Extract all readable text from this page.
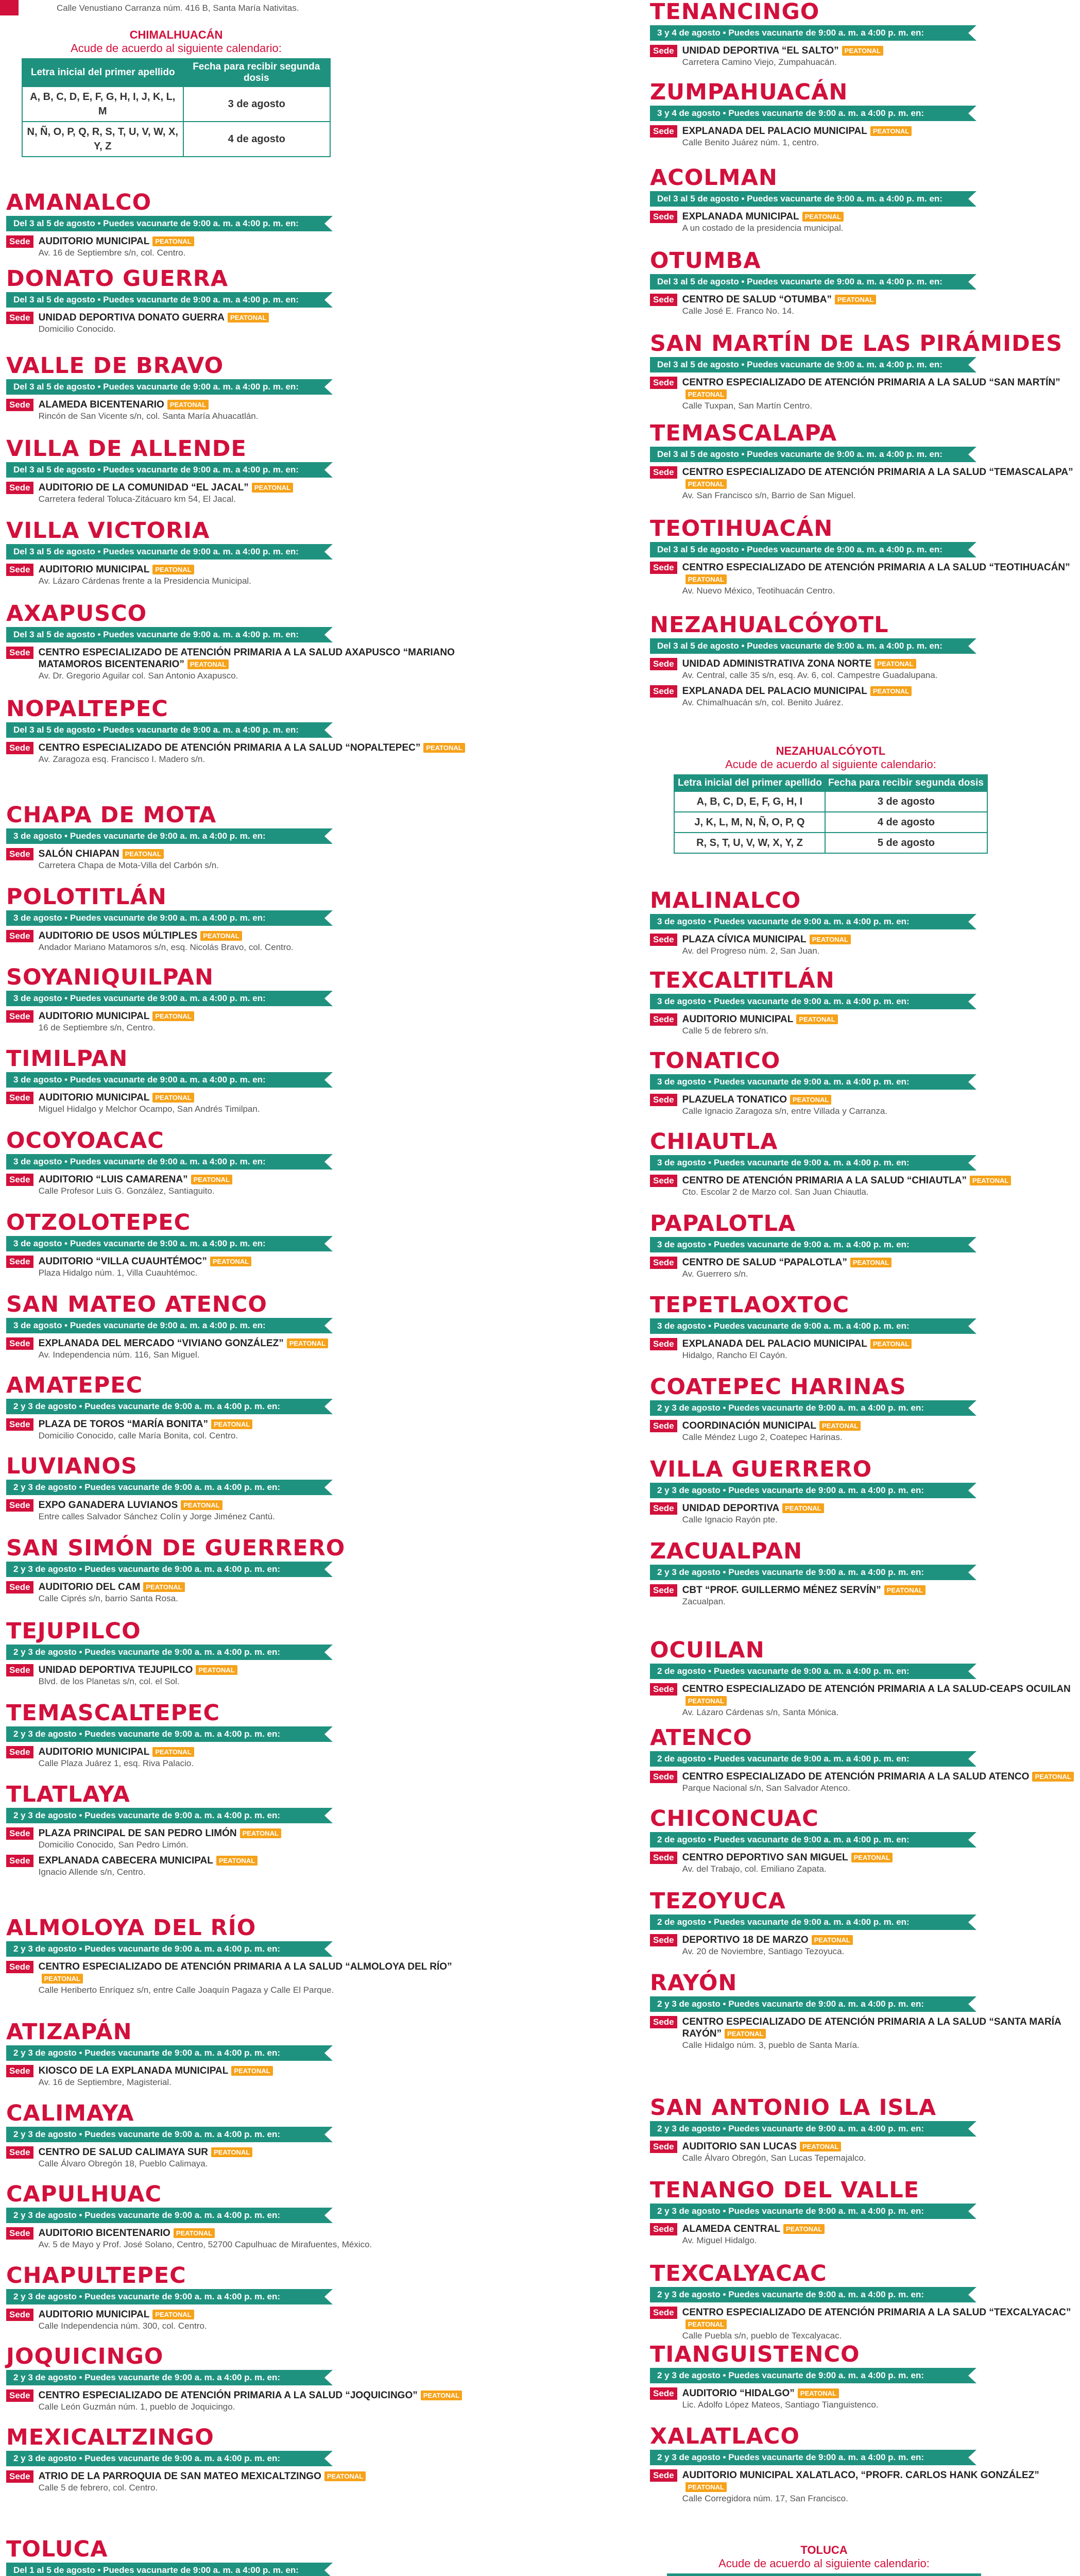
Calle Venustiano Carranza núm. 416 B, Santa María Nativitas.
AMANALCO
Del 3 al 5 de agosto • Puedes vacunarte de 9:00 a. m. a 4:00 p. m. en:
Sede AUDITORIO MUNICIPAL PEATONAL
Av. 16 de Septiembre s/n, col. Centro.
DONATO GUERRA
Del 3 al 5 de agosto • Puedes vacunarte de 9:00 a. m. a 4:00 p. m. en:
Sede UNIDAD DEPORTIVA DONATO GUERRA PEATONAL
Domicilio Conocido.
VALLE DE BRAVO
Del 3 al 5 de agosto • Puedes vacunarte de 9:00 a. m. a 4:00 p. m. en:
Sede ALAMEDA BICENTENARIO PEATONAL
Rincón de San Vicente s/n, col. Santa María Ahuacatlán.
VILLA DE ALLENDE
Del 3 al 5 de agosto • Puedes vacunarte de 9:00 a. m. a 4:00 p. m. en:
Sede AUDITORIO DE LA COMUNIDAD “EL JACAL” PEATONAL
Carretera federal Toluca-Zitácuaro km 54, El Jacal.
VILLA VICTORIA
Del 3 al 5 de agosto • Puedes vacunarte de 9:00 a. m. a 4:00 p. m. en:
Sede AUDITORIO MUNICIPAL PEATONAL
Av. Lázaro Cárdenas frente a la Presidencia Municipal.
AXAPUSCO
Del 3 al 5 de agosto • Puedes vacunarte de 9:00 a. m. a 4:00 p. m. en:
Sede CENTRO ESPECIALIZADO DE ATENCIÓN PRIMARIA A LA SALUD AXAPUSCO “MARIANO MATAMOROS BICENTENARIO” PEATONAL
Av. Dr. Gregorio Aguilar col. San Antonio Axapusco.
NOPALTEPEC
Del 3 al 5 de agosto • Puedes vacunarte de 9:00 a. m. a 4:00 p. m. en:
Sede CENTRO ESPECIALIZADO DE ATENCIÓN PRIMARIA A LA SALUD “NOPALTEPEC” PEATONAL
Av. Zaragoza esq. Francisco I. Madero s/n.
CHAPA DE MOTA
3 de agosto • Puedes vacunarte de 9:00 a. m. a 4:00 p. m. en:
Sede SALÓN CHIAPAN PEATONAL
Carretera Chapa de Mota-Villa del Carbón s/n.
POLOTITLÁN
3 de agosto • Puedes vacunarte de 9:00 a. m. a 4:00 p. m. en:
Sede AUDITORIO DE USOS MÚLTIPLES PEATONAL
Andador Mariano Matamoros s/n, esq. Nicolás Bravo, col. Centro.
SOYANIQUILPAN
3 de agosto • Puedes vacunarte de 9:00 a. m. a 4:00 p. m. en:
Sede AUDITORIO MUNICIPAL PEATONAL
16 de Septiembre s/n, Centro.
TIMILPAN
3 de agosto • Puedes vacunarte de 9:00 a. m. a 4:00 p. m. en:
Sede AUDITORIO MUNICIPAL PEATONAL
Miguel Hidalgo y Melchor Ocampo, San Andrés Timilpan.
OCOYOACAC
3 de agosto • Puedes vacunarte de 9:00 a. m. a 4:00 p. m. en:
Sede AUDITORIO “LUIS CAMARENA” PEATONAL
Calle Profesor Luis G. González, Santiaguito.
OTZOLOTEPEC
3 de agosto • Puedes vacunarte de 9:00 a. m. a 4:00 p. m. en:
Sede AUDITORIO “VILLA CUAUHTÉMOC” PEATONAL
Plaza Hidalgo núm. 1, Villa Cuauhtémoc.
SAN MATEO ATENCO
3 de agosto • Puedes vacunarte de 9:00 a. m. a 4:00 p. m. en:
Sede EXPLANADA DEL MERCADO “VIVIANO GONZÁLEZ” PEATONAL
Av. Independencia núm. 116, San Miguel.
AMATEPEC
2 y 3 de agosto • Puedes vacunarte de 9:00 a. m. a 4:00 p. m. en:
Sede PLAZA DE TOROS “MARÍA BONITA” PEATONAL
Domicilio Conocido, calle María Bonita, col. Centro.
LUVIANOS
2 y 3 de agosto • Puedes vacunarte de 9:00 a. m. a 4:00 p. m. en:
Sede EXPO GANADERA LUVIANOS PEATONAL
Entre calles Salvador Sánchez Colín y Jorge Jiménez Cantú.
SAN SIMÓN DE GUERRERO
2 y 3 de agosto • Puedes vacunarte de 9:00 a. m. a 4:00 p. m. en:
Sede AUDITORIO DEL CAM PEATONAL
Calle Ciprés s/n, barrio Santa Rosa.
TEJUPILCO
2 y 3 de agosto • Puedes vacunarte de 9:00 a. m. a 4:00 p. m. en:
Sede UNIDAD DEPORTIVA TEJUPILCO PEATONAL
Blvd. de los Planetas s/n, col. el Sol.
TEMASCALTEPEC
2 y 3 de agosto • Puedes vacunarte de 9:00 a. m. a 4:00 p. m. en:
Sede AUDITORIO MUNICIPAL PEATONAL
Calle Plaza Juárez 1, esq. Riva Palacio.
TLATLAYA
2 y 3 de agosto • Puedes vacunarte de 9:00 a. m. a 4:00 p. m. en:
Sede PLAZA PRINCIPAL DE SAN PEDRO LIMÓN PEATONAL
Domicilio Conocido, San Pedro Limón.
Sede EXPLANADA CABECERA MUNICIPAL PEATONAL
Ignacio Allende s/n, Centro.
ALMOLOYA DEL RÍO
2 y 3 de agosto • Puedes vacunarte de 9:00 a. m. a 4:00 p. m. en:
Sede CENTRO ESPECIALIZADO DE ATENCIÓN PRIMARIA A LA SALUD “ALMOLOYA DEL RÍO”PEATONAL
Calle Heriberto Enríquez s/n, entre Calle Joaquín Pagaza y Calle El Parque.
ATIZAPÁN
2 y 3 de agosto • Puedes vacunarte de 9:00 a. m. a 4:00 p. m. en:
Sede KIOSCO DE LA EXPLANADA MUNICIPAL PEATONAL
Av. 16 de Septiembre, Magisterial.
CALIMAYA
2 y 3 de agosto • Puedes vacunarte de 9:00 a. m. a 4:00 p. m. en:
Sede CENTRO DE SALUD CALIMAYA SUR PEATONAL
Calle Álvaro Obregón 18, Pueblo Calimaya.
CAPULHUAC
2 y 3 de agosto • Puedes vacunarte de 9:00 a. m. a 4:00 p. m. en:
Sede AUDITORIO BICENTENARIO PEATONAL
Av. 5 de Mayo y Prof. José Solano, Centro, 52700 Capulhuac de Mirafuentes, México.
CHAPULTEPEC
2 y 3 de agosto • Puedes vacunarte de 9:00 a. m. a 4:00 p. m. en:
Sede AUDITORIO MUNICIPAL PEATONAL
Calle Independencia núm. 300, col. Centro.
JOQUICINGO
2 y 3 de agosto • Puedes vacunarte de 9:00 a. m. a 4:00 p. m. en:
Sede CENTRO ESPECIALIZADO DE ATENCIÓN PRIMARIA A LA SALUD “JOQUICINGO” PEATONAL
Calle León Guzmán núm. 1, pueblo de Joquicingo.
MEXICALTZINGO
2 y 3 de agosto • Puedes vacunarte de 9:00 a. m. a 4:00 p. m. en:
Sede ATRIO DE LA PARROQUIA DE SAN MATEO MEXICALTZINGO PEATONAL
Calle 5 de febrero, col. Centro.
TOLUCA
Del 1 al 5 de agosto • Puedes vacunarte de 9:00 a. m. a 4:00 p. m. en:
TENANCINGO
3 y 4 de agosto • Puedes vacunarte de 9:00 a. m. a 4:00 p. m. en:
Sede UNIDAD DEPORTIVA “EL SALTO” PEATONAL
Carretera Camino Viejo, Zumpahuacán.
ZUMPAHUACÁN
3 y 4 de agosto • Puedes vacunarte de 9:00 a. m. a 4:00 p. m. en:
Sede EXPLANADA DEL PALACIO MUNICIPAL PEATONAL
Calle Benito Juárez núm. 1, centro.
ACOLMAN
Del 3 al 5 de agosto • Puedes vacunarte de 9:00 a. m. a 4:00 p. m. en:
Sede EXPLANADA MUNICIPAL PEATONAL
A un costado de la presidencia municipal.
OTUMBA
Del 3 al 5 de agosto • Puedes vacunarte de 9:00 a. m. a 4:00 p. m. en:
Sede CENTRO DE SALUD “OTUMBA” PEATONAL
Calle José E. Franco No. 14.
SAN MARTÍN DE LAS PIRÁMIDES
Del 3 al 5 de agosto • Puedes vacunarte de 9:00 a. m. a 4:00 p. m. en:
Sede CENTRO ESPECIALIZADO DE ATENCIÓN PRIMARIA A LA SALUD “SAN MARTÍN”PEATONAL
Calle Tuxpan, San Martín Centro.
TEMASCALAPA
Del 3 al 5 de agosto • Puedes vacunarte de 9:00 a. m. a 4:00 p. m. en:
Sede CENTRO ESPECIALIZADO DE ATENCIÓN PRIMARIA A LA SALUD “TEMASCALAPA”PEATONAL
Av. San Francisco s/n, Barrio de San Miguel.
TEOTIHUACÁN
Del 3 al 5 de agosto • Puedes vacunarte de 9:00 a. m. a 4:00 p. m. en:
Sede CENTRO ESPECIALIZADO DE ATENCIÓN PRIMARIA A LA SALUD “TEOTIHUACÁN”PEATONAL
Av. Nuevo México, Teotihuacán Centro.
NEZAHUALCÓYOTL
Del 3 al 5 de agosto • Puedes vacunarte de 9:00 a. m. a 4:00 p. m. en:
Sede UNIDAD ADMINISTRATIVA ZONA NORTE PEATONAL
Av. Central, calle 35 s/n, esq. Av. 6, col. Campestre Guadalupana.
Sede EXPLANADA DEL PALACIO MUNICIPAL PEATONAL
Av. Chimalhuacán s/n, col. Benito Juárez.
MALINALCO
3 de agosto • Puedes vacunarte de 9:00 a. m. a 4:00 p. m. en:
Sede PLAZA CÍVICA MUNICIPAL PEATONAL
Av. del Progreso núm. 2, San Juan.
TEXCALTITLÁN
3 de agosto • Puedes vacunarte de 9:00 a. m. a 4:00 p. m. en:
Sede AUDITORIO MUNICIPAL PEATONAL
Calle 5 de febrero s/n.
TONATICO
3 de agosto • Puedes vacunarte de 9:00 a. m. a 4:00 p. m. en:
Sede PLAZUELA TONATICO PEATONAL
Calle Ignacio Zaragoza s/n, entre Villada y Carranza.
CHIAUTLA
3 de agosto • Puedes vacunarte de 9:00 a. m. a 4:00 p. m. en:
Sede CENTRO DE ATENCIÓN PRIMARIA A LA SALUD “CHIAUTLA” PEATONAL
Cto. Escolar 2 de Marzo col. San Juan Chiautla.
PAPALOTLA
3 de agosto • Puedes vacunarte de 9:00 a. m. a 4:00 p. m. en:
Sede CENTRO DE SALUD “PAPALOTLA” PEATONAL
Av. Guerrero s/n.
TEPETLAOXTOC
3 de agosto • Puedes vacunarte de 9:00 a. m. a 4:00 p. m. en:
Sede EXPLANADA DEL PALACIO MUNICIPAL PEATONAL
Hidalgo, Rancho El Cayón.
COATEPEC HARINAS
2 y 3 de agosto • Puedes vacunarte de 9:00 a. m. a 4:00 p. m. en:
Sede COORDINACIÓN MUNICIPAL PEATONAL
Calle Méndez Lugo 2, Coatepec Harinas.
VILLA GUERRERO
2 y 3 de agosto • Puedes vacunarte de 9:00 a. m. a 4:00 p. m. en:
Sede UNIDAD DEPORTIVA PEATONAL
Calle Ignacio Rayón pte.
ZACUALPAN
2 y 3 de agosto • Puedes vacunarte de 9:00 a. m. a 4:00 p. m. en:
Sede CBT “PROF. GUILLERMO MÉNEZ SERVÍN” PEATONAL
Zacualpan.
OCUILAN
2 de agosto • Puedes vacunarte de 9:00 a. m. a 4:00 p. m. en:
Sede CENTRO ESPECIALIZADO DE ATENCIÓN PRIMARIA A LA SALUD-CEAPS OCUILANPEATONAL
Av. Lázaro Cárdenas s/n, Santa Mónica.
ATENCO
2 de agosto • Puedes vacunarte de 9:00 a. m. a 4:00 p. m. en:
Sede CENTRO ESPECIALIZADO DE ATENCIÓN PRIMARIA A LA SALUD ATENCO PEATONAL
Parque Nacional s/n, San Salvador Atenco.
CHICONCUAC
2 de agosto • Puedes vacunarte de 9:00 a. m. a 4:00 p. m. en:
Sede CENTRO DEPORTIVO SAN MIGUEL PEATONAL
Av. del Trabajo, col. Emiliano Zapata.
TEZOYUCA
2 de agosto • Puedes vacunarte de 9:00 a. m. a 4:00 p. m. en:
Sede DEPORTIVO 18 DE MARZO PEATONAL
Av. 20 de Noviembre, Santiago Tezoyuca.
RAYÓN
2 y 3 de agosto • Puedes vacunarte de 9:00 a. m. a 4:00 p. m. en:
Sede CENTRO ESPECIALIZADO DE ATENCIÓN PRIMARIA A LA SALUD “SANTA MARÍA RAYÓN” PEATONAL
Calle Hidalgo núm. 3, pueblo de Santa María.
SAN ANTONIO LA ISLA
2 y 3 de agosto • Puedes vacunarte de 9:00 a. m. a 4:00 p. m. en:
Sede AUDITORIO SAN LUCAS PEATONAL
Calle Álvaro Obregón, San Lucas Tepemajalco.
TENANGO DEL VALLE
2 y 3 de agosto • Puedes vacunarte de 9:00 a. m. a 4:00 p. m. en:
Sede ALAMEDA CENTRAL PEATONAL
Av. Miguel Hidalgo.
TEXCALYACAC
2 y 3 de agosto • Puedes vacunarte de 9:00 a. m. a 4:00 p. m. en:
Sede CENTRO ESPECIALIZADO DE ATENCIÓN PRIMARIA A LA SALUD “TEXCALYACAC”PEATONAL
Calle Puebla s/n, pueblo de Texcalyacac.
TIANGUISTENCO
2 y 3 de agosto • Puedes vacunarte de 9:00 a. m. a 4:00 p. m. en:
Sede AUDITORIO “HIDALGO” PEATONAL
Lic. Adolfo López Mateos, Santiago Tianguistenco.
XALATLACO
2 y 3 de agosto • Puedes vacunarte de 9:00 a. m. a 4:00 p. m. en:
Sede AUDITORIO MUNICIPAL XALATLACO, “PROFR. CARLOS HANK GONZÁLEZ”PEATONAL
Calle Corregidora núm. 17, San Francisco.
CHIMALHUACÁN
Acude de acuerdo al siguiente calendario:
Letra inicial del primer apellido	Fecha para recibir segunda dosis
A, B, C, D, E, F, G, H, I, J, K, L, M	3 de agosto
N, Ñ, O, P, Q, R, S, T, U, V, W, X, Y, Z	4 de agosto
NEZAHUALCÓYOTL
Acude de acuerdo al siguiente calendario:
Letra inicial del primer apellido	Fecha para recibir segunda dosis
A, B, C, D, E, F, G, H, I	3 de agosto
J, K, L, M, N, Ñ, O, P, Q	4 de agosto
R, S, T, U, V, W, X, Y, Z	5 de agosto
TOLUCA
Acude de acuerdo al siguiente calendario:
